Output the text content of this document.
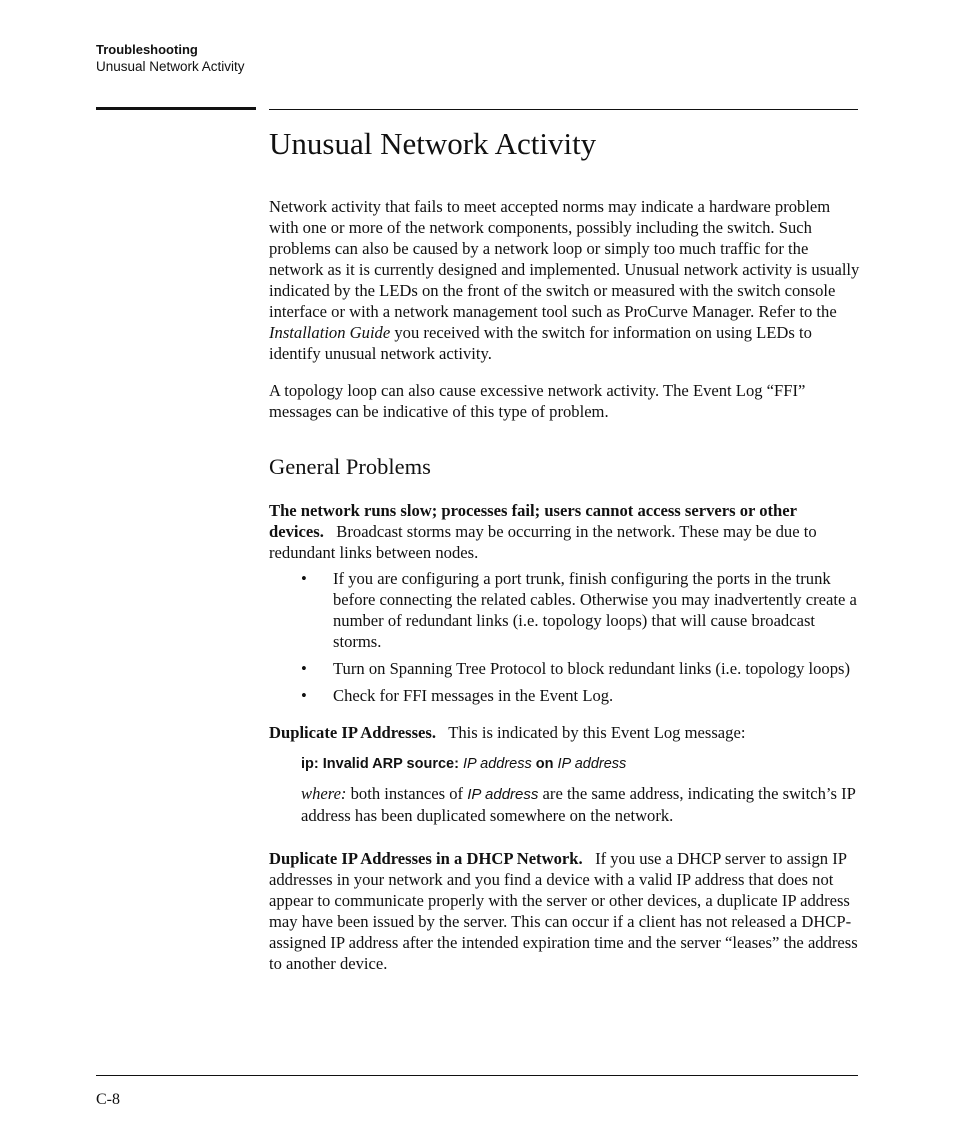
Troubleshooting
Unusual Network Activity
Unusual Network Activity

Network activity that fails to meet accepted norms may indicate a hardware problem with one or more of the network components, possibly including the switch. Such problems can also be caused by a network loop or simply too much traffic for the network as it is currently designed and implemented. Unusual network activity is usually indicated by the LEDs on the front of the switch or measured with the switch console interface or with a network management tool such as ProCurve Manager. Refer to the Installation Guide you received with the switch for information on using LEDs to identify unusual network activity.

A topology loop can also cause excessive network activity. The Event Log “FFI” messages can be indicative of this type of problem.

General Problems

The network runs slow; processes fail; users cannot access servers or other devices. Broadcast storms may be occurring in the network. These may be due to redundant links between nodes.

• If you are configuring a port trunk, finish configuring the ports in the trunk before connecting the related cables. Otherwise you may inadvertently create a number of redundant links (i.e. topology loops) that will cause broadcast storms.
• Turn on Spanning Tree Protocol to block redundant links (i.e. topology loops)
• Check for FFI messages in the Event Log.

Duplicate IP Addresses. This is indicated by this Event Log message:

ip: Invalid ARP source: IP address on IP address

where: both instances of IP address are the same address, indicating the switch’s IP address has been duplicated somewhere on the network.

Duplicate IP Addresses in a DHCP Network. If you use a DHCP server to assign IP addresses in your network and you find a device with a valid IP address that does not appear to communicate properly with the server or other devices, a duplicate IP address may have been issued by the server. This can occur if a client has not released a DHCP-assigned IP address after the intended expiration time and the server “leases” the address to another device.

C-8
